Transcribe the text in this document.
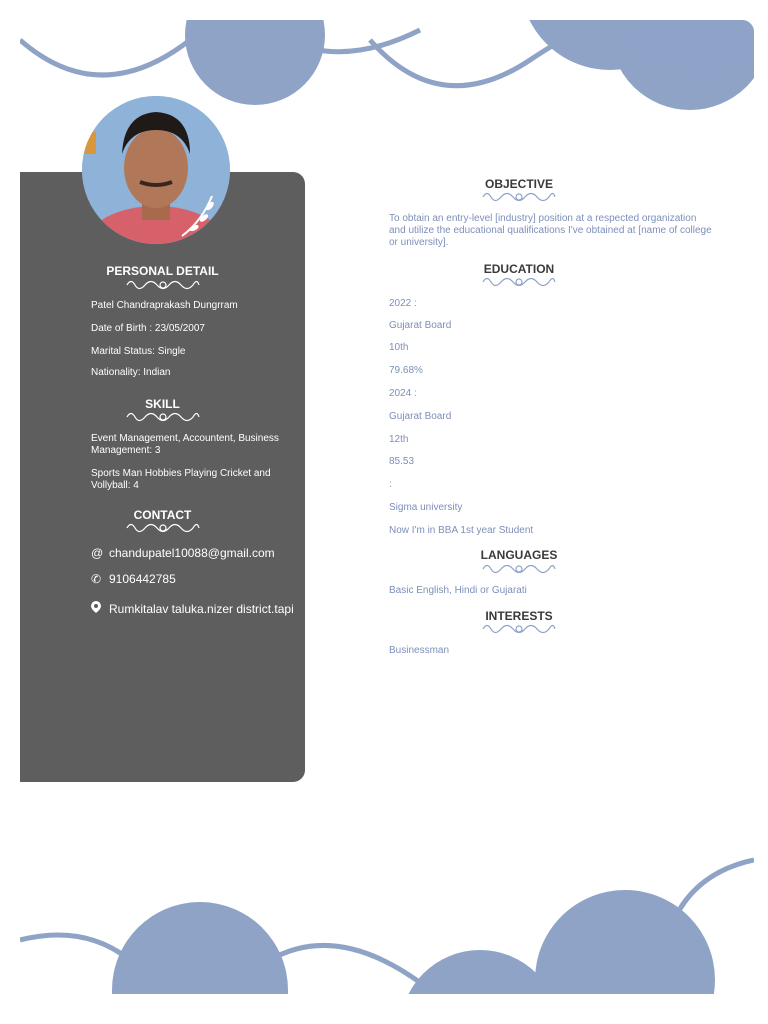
PERSONAL DETAIL
Patel Chandraprakash Dungrram
Date of Birth : 23/05/2007
Marital Status: Single
Nationality: Indian
SKILL
Event Management, Accountent, Business Management: 3
Sports Man Hobbies Playing Cricket and Vollyball: 4
CONTACT
@ chandupatel10088@gmail.com
✆ 9106442785
Rumkitalav taluka.nizer district.tapi
OBJECTIVE
To obtain an entry-level [industry] position at a respected organization and utilize the educational qualifications I've obtained at [name of college or university].
EDUCATION
2022 :
Gujarat Board
10th
79.68%
2024 :
Gujarat Board
12th
85.53
:
Sigma university
Now I'm in BBA 1st year Student
LANGUAGES
Basic English, Hindi or Gujarati
INTERESTS
Businessman
